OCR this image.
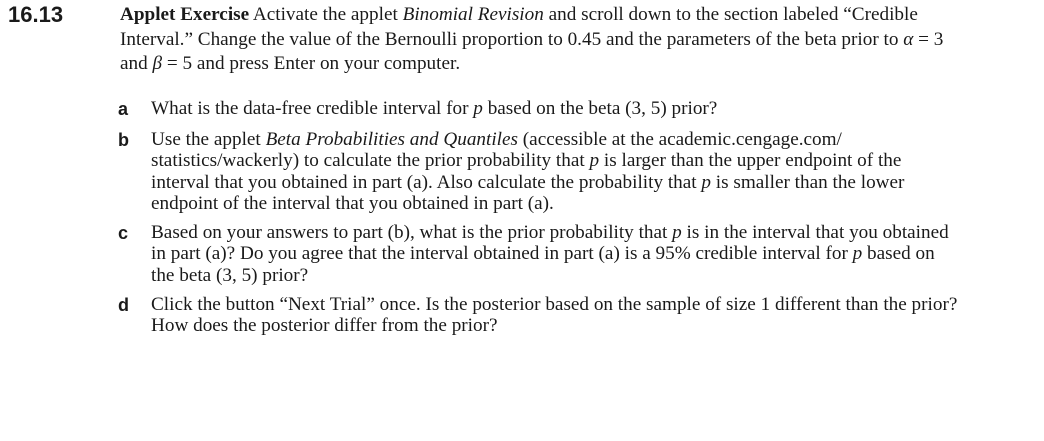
16.13	Applet Exercise Activate the applet Binomial Revision and scroll down to the section labeled “Credible Interval.” Change the value of the Bernoulli proportion to 0.45 and the parameters of the beta prior to α = 3 and β = 5 and press Enter on your computer.
a	What is the data-free credible interval for p based on the beta (3, 5) prior?
b	Use the applet Beta Probabilities and Quantiles (accessible at the academic.cengage.com/ statistics/wackerly) to calculate the prior probability that p is larger than the upper endpoint of the interval that you obtained in part (a). Also calculate the probability that p is smaller than the lower endpoint of the interval that you obtained in part (a).
c	Based on your answers to part (b), what is the prior probability that p is in the interval that you obtained in part (a)? Do you agree that the interval obtained in part (a) is a 95% credible interval for p based on the beta (3, 5) prior?
d	Click the button “Next Trial” once. Is the posterior based on the sample of size 1 different than the prior? How does the posterior differ from the prior?
